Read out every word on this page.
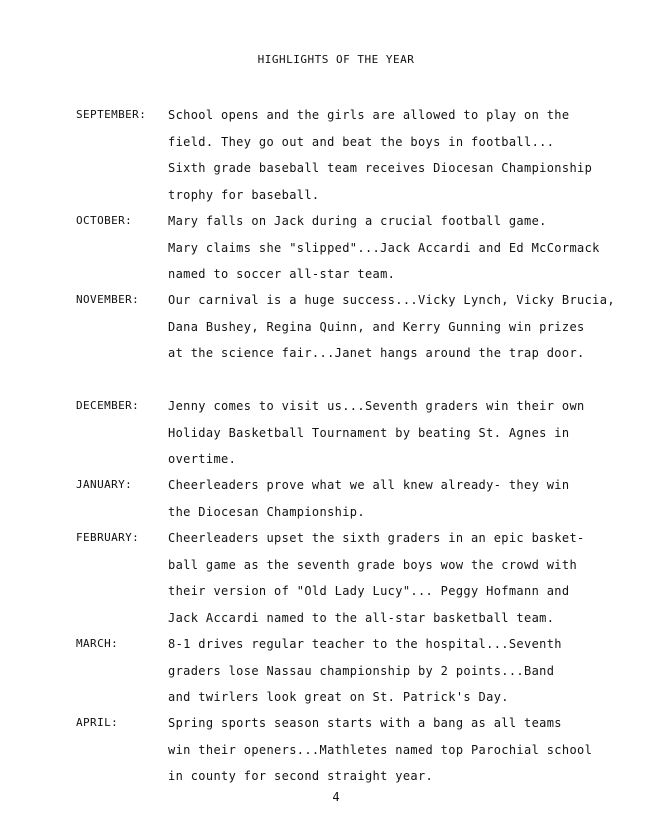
HIGHLIGHTS OF THE YEAR
SEPTEMBER: School opens and the girls are allowed to play on the
field. They go out and beat the boys in football...
Sixth grade baseball team receives Diocesan Championship
trophy for baseball.
OCTOBER:	Mary falls on Jack during a crucial football game.
Mary claims she "slipped"...Jack Accardi and Ed McCormack
named to soccer all-star team.
NOVEMBER: Our carnival is a huge success...Vicky Lynch, Vicky Brucia,
Dana Bushey, Regina Quinn, and Kerry Gunning win prizes
at the science fair...Janet hangs around the trap door.
DECEMBER: Jenny comes to visit us...Seventh graders win their own
Holiday Basketball Tournament by beating St. Agnes in
overtime.
JANUARY:	Cheerleaders prove what we all knew already- they win
the Diocesan Championship.
FEBRUARY: Cheerleaders upset the sixth graders in an epic basket-
ball game as the seventh grade boys wow the crowd with
their version of "Old Lady Lucy"... Peggy Hofmann and
Jack Accardi named to the all-star basketball team.
MARCH:	8-1 drives regular teacher to the hospital...Seventh
graders lose Nassau championship by 2 points...Band
and twirlers look great on St. Patrick's Day.
APRIL:	Spring sports season starts with a bang as all teams
win their openers...Mathletes named top Parochial school
in county for second straight year.
4
